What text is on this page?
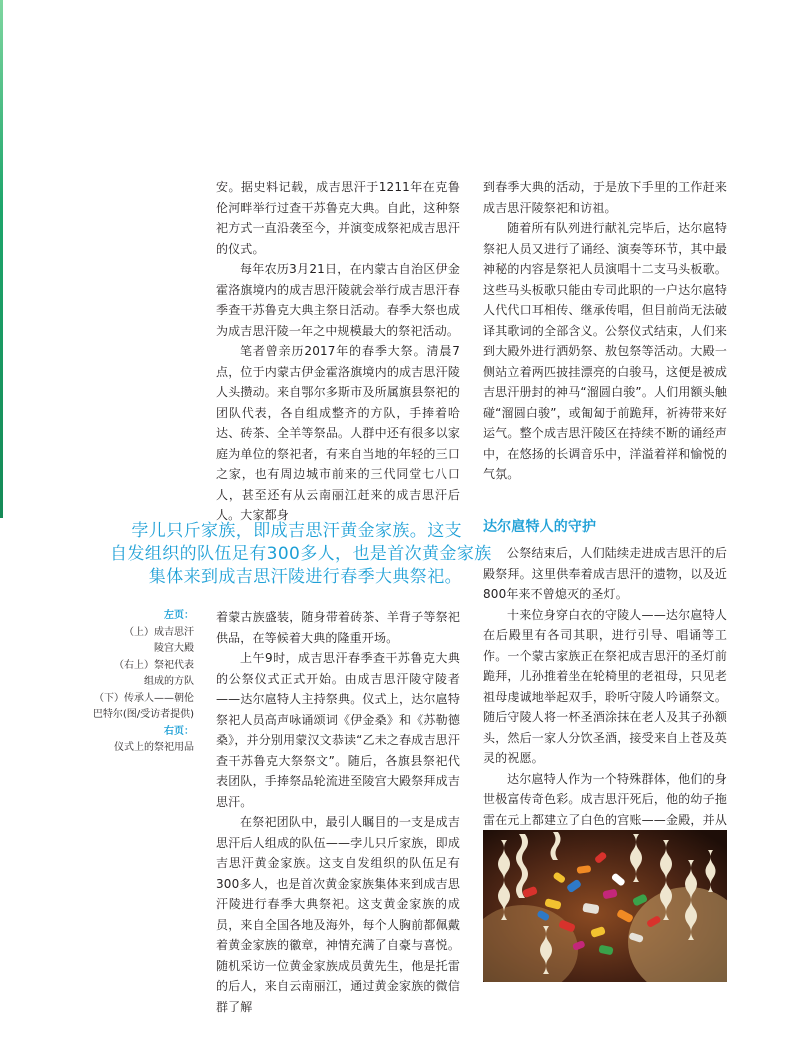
安。据史料记载，成吉思汗于1211年在克鲁伦河畔举行过查干苏鲁克大典。自此，这种祭祀方式一直沿袭至今，并演变成祭祀成吉思汗的仪式。

每年农历3月21日，在内蒙古自治区伊金霍洛旗境内的成吉思汗陵就会举行成吉思汗春季查干苏鲁克大典主祭日活动。春季大祭也成为成吉思汗陵一年之中规模最大的祭祀活动。

笔者曾亲历2017年的春季大祭。清晨7点，位于内蒙古伊金霍洛旗境内的成吉思汗陵人头攒动。来自鄂尔多斯市及所属旗县祭祀的团队代表，各自组成整齐的方队，手捧着哈达、砖茶、全羊等祭品。人群中还有很多以家庭为单位的祭祀者，有来自当地的年轻的三口之家，也有周边城市前来的三代同堂七八口人，甚至还有从云南丽江赶来的成吉思汗后人。大家都身

孛儿只斤家族，即成吉思汗黄金家族。这支
自发组织的队伍足有300多人，也是首次黄金家族
集体来到成吉思汗陵进行春季大典祭祀。
左页：
（上）成吉思汗
陵宫大殿
（右上）祭祀代表
组成的方队
（下）传承人——朝伦
巴特尔(图/受访者提供)
右页：
仪式上的祭祀用品

着蒙古族盛装，随身带着砖茶、羊背子等祭祀供品，在等候着大典的隆重开场。

上午9时，成吉思汗春季查干苏鲁克大典的公祭仪式正式开始。由成吉思汗陵守陵者——达尔扈特人主持祭典。仪式上，达尔扈特祭祀人员高声咏诵颂词《伊金桑》和《苏勒德桑》，并分别用蒙汉文恭读“乙未之春成吉思汗查干苏鲁克大祭祭文”。随后，各旗县祭祀代表团队，手捧祭品轮流进至陵宫大殿祭拜成吉思汗。

在祭祀团队中，最引人瞩目的一支是成吉思汗后人组成的队伍——孛儿只斤家族，即成吉思汗黄金家族。这支自发组织的队伍足有300多人，也是首次黄金家族集体来到成吉思汗陵进行春季大典祭祀。这支黄金家族的成员，来自全国各地及海外，每个人胸前都佩戴着黄金家族的徽章，神情充满了自豪与喜悦。随机采访一位黄金家族成员黄先生，他是托雷的后人，来自云南丽江，通过黄金家族的微信群了解

到春季大典的活动，于是放下手里的工作赶来成吉思汗陵祭祀和访祖。

随着所有队列进行献礼完毕后，达尔扈特祭祀人员又进行了诵经、演奏等环节，其中最神秘的内容是祭祀人员演唱十二支马头板歌。这些马头板歌只能由专司此职的一户达尔扈特人代代口耳相传、继承传唱，但目前尚无法破译其歌词的全部含义。公祭仪式结束，人们来到大殿外进行洒奶祭、敖包祭等活动。大殿一侧站立着两匹披挂漂亮的白骏马，这便是被成吉思汗册封的神马“溜圆白骏”。人们用额头触碰“溜圆白骏”，或匍匐于前跪拜，祈祷带来好运气。整个成吉思汗陵区在持续不断的诵经声中，在悠扬的长调音乐中，洋溢着祥和愉悦的气氛。

达尔扈特人的守护

公祭结束后，人们陆续走进成吉思汗的后殿祭拜。这里供奉着成吉思汗的遗物，以及近800年来不曾熄灭的圣灯。

十来位身穿白衣的守陵人——达尔扈特人在后殿里有各司其职，进行引导、唱诵等工作。一个蒙古家族正在祭祀成吉思汗的圣灯前跪拜，儿孙推着坐在轮椅里的老祖母，只见老祖母虔诚地举起双手，聆听守陵人吟诵祭文。随后守陵人将一杯圣酒涂抹在老人及其子孙额头，然后一家人分饮圣酒，接受来自上苍及英灵的祝愿。

达尔扈特人作为一个特殊群体，他们的身世极富传奇色彩。成吉思汗死后，他的幼子拖雷在元上都建立了白色的宫账——金殿，并从
